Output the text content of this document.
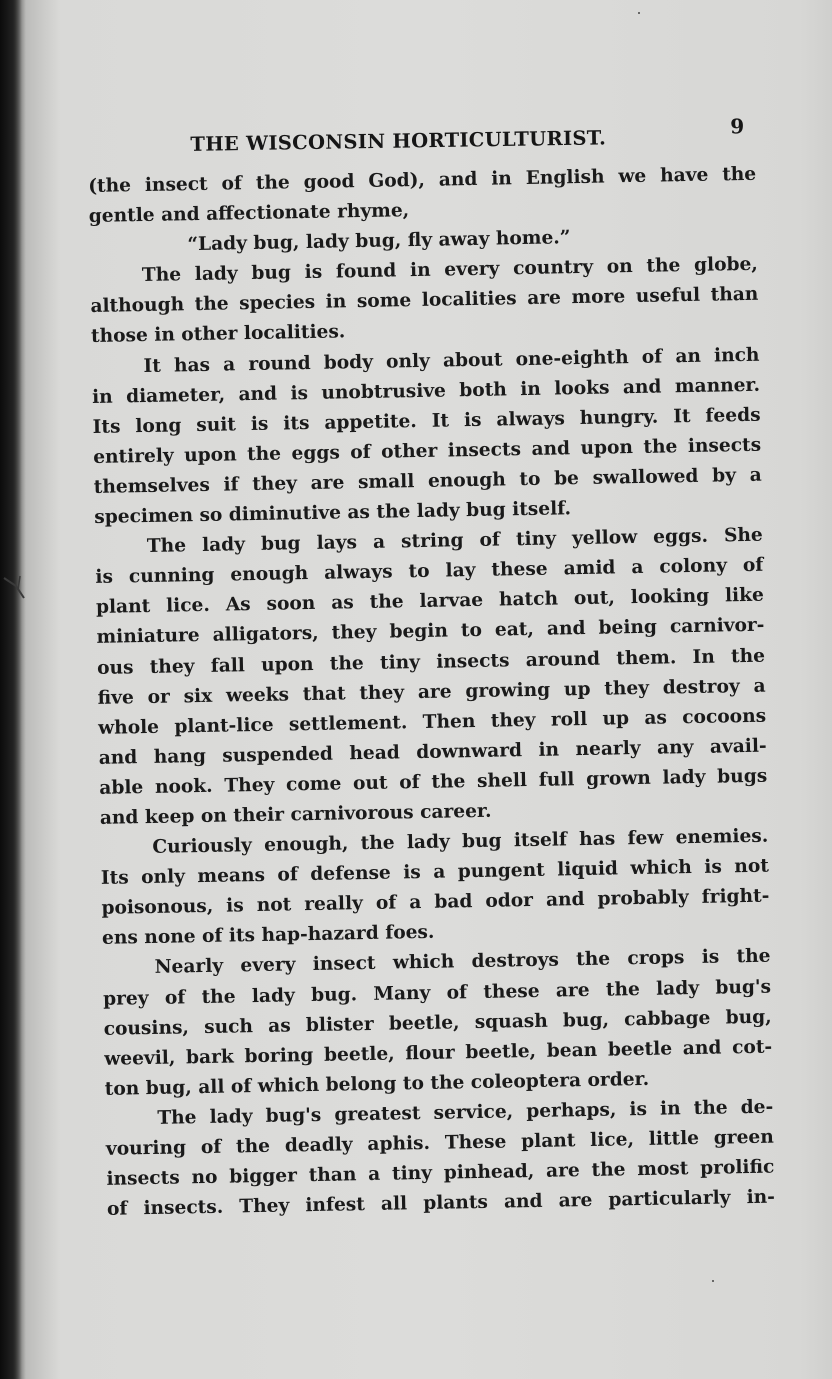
THE WISCONSIN HORTICULTURIST.
9
(the insect of the good God), and in English we have the
gentle and affectionate rhyme,
“Lady bug, lady bug, fly away home.”
The lady bug is found in every country on the globe,
although the species in some localities are more useful than
those in other localities.
It has a round body only about one-eighth of an inch
in diameter, and is unobtrusive both in looks and manner.
Its long suit is its appetite. It is always hungry. It feeds
entirely upon the eggs of other insects and upon the insects
themselves if they are small enough to be swallowed by a
specimen so diminutive as the lady bug itself.
The lady bug lays a string of tiny yellow eggs. She
is cunning enough always to lay these amid a colony of
plant lice. As soon as the larvae hatch out, looking like
miniature alligators, they begin to eat, and being carnivor-
ous they fall upon the tiny insects around them. In the
five or six weeks that they are growing up they destroy a
whole plant-lice settlement. Then they roll up as cocoons
and hang suspended head downward in nearly any avail-
able nook. They come out of the shell full grown lady bugs
and keep on their carnivorous career.
Curiously enough, the lady bug itself has few enemies.
Its only means of defense is a pungent liquid which is not
poisonous, is not really of a bad odor and probably fright-
ens none of its hap-hazard foes.
Nearly every insect which destroys the crops is the
prey of the lady bug. Many of these are the lady bug's
cousins, such as blister beetle, squash bug, cabbage bug,
weevil, bark boring beetle, flour beetle, bean beetle and cot-
ton bug, all of which belong to the coleoptera order.
The lady bug's greatest service, perhaps, is in the de-
vouring of the deadly aphis. These plant lice, little green
insects no bigger than a tiny pinhead, are the most prolific
of insects. They infest all plants and are particularly in-
